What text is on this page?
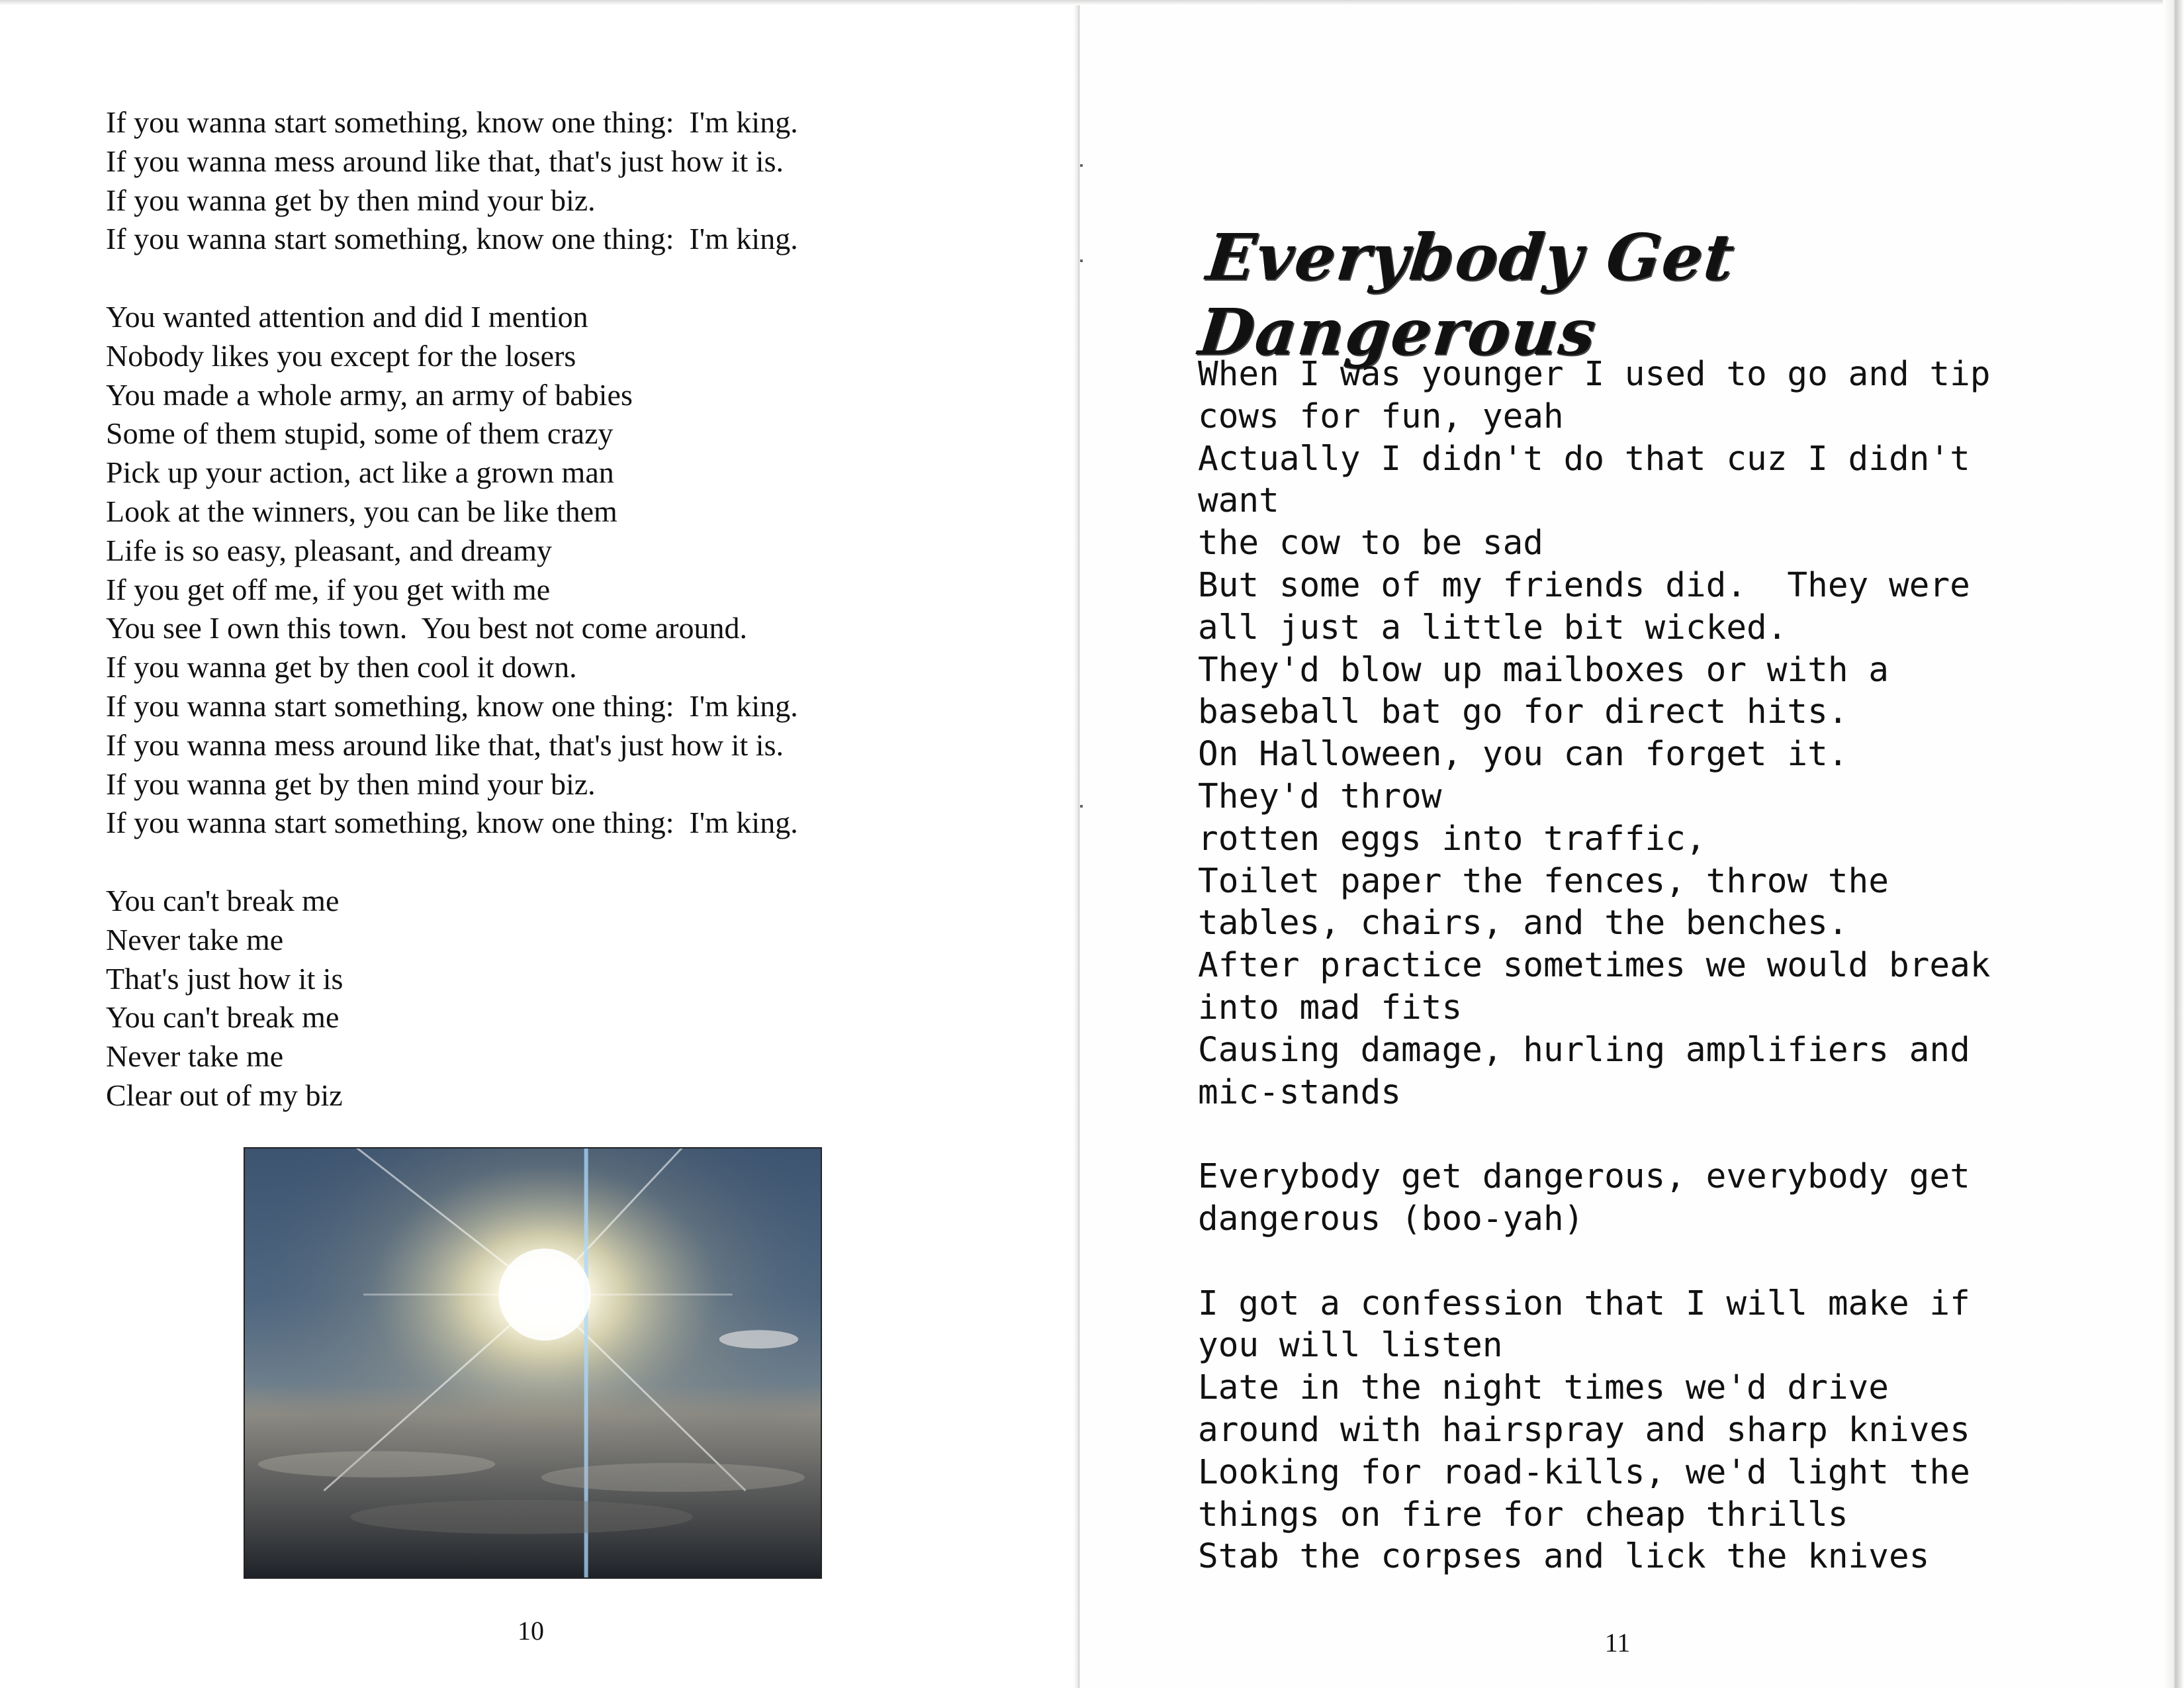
If you wanna start something, know one thing:  I'm king.
If you wanna mess around like that, that's just how it is.
If you wanna get by then mind your biz.
If you wanna start something, know one thing:  I'm king.
You wanted attention and did I mention
Nobody likes you except for the losers
You made a whole army, an army of babies
Some of them stupid, some of them crazy
Pick up your action, act like a grown man
Look at the winners, you can be like them
Life is so easy, pleasant, and dreamy
If you get off me, if you get with me
You see I own this town.  You best not come around.
If you wanna get by then cool it down.
If you wanna start something, know one thing:  I'm king.
If you wanna mess around like that, that's just how it is.
If you wanna get by then mind your biz.
If you wanna start something, know one thing:  I'm king.
You can't break me
Never take me
That's just how it is
You can't break me
Never take me
Clear out of my biz
10
Everybody Get Dangerous
When I was younger I used to go and tip
cows for fun, yeah
Actually I didn't do that cuz I didn't
want
the cow to be sad
But some of my friends did.  They were
all just a little bit wicked.
They'd blow up mailboxes or with a
baseball bat go for direct hits.
On Halloween, you can forget it.
They'd throw
rotten eggs into traffic,
Toilet paper the fences, throw the
tables, chairs, and the benches.
After practice sometimes we would break
into mad fits
Causing damage, hurling amplifiers and
mic-stands
Everybody get dangerous, everybody get
dangerous (boo-yah)
I got a confession that I will make if
you will listen
Late in the night times we'd drive
around with hairspray and sharp knives
Looking for road-kills, we'd light the
things on fire for cheap thrills
Stab the corpses and lick the knives
11
